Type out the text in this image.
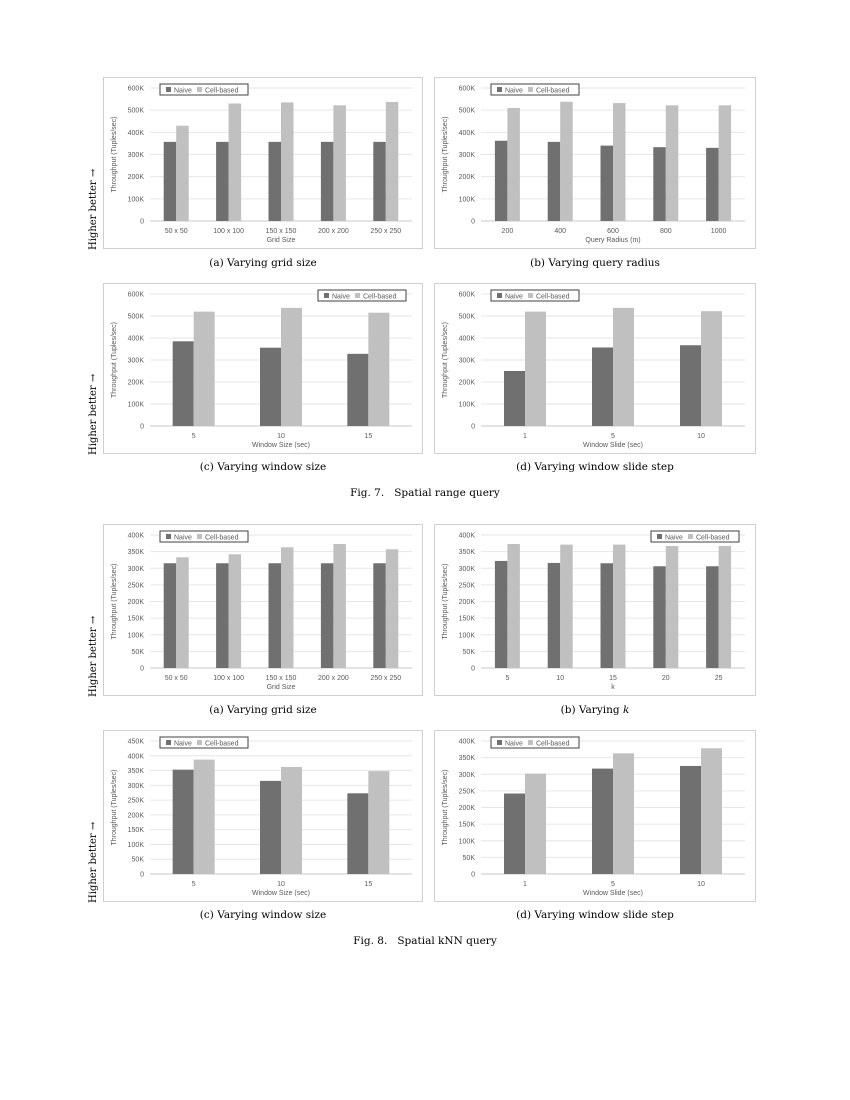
Higher better →
Higher better →
Higher better →
Higher better →
0
100K
200K
300K
400K
500K
600K
Throughput (Tuples/sec)
50 x 50	100 x 100	150 x 150	200 x 200	250 x 250
Grid Size
Naive Cell-based
0
100K
200K
300K
400K
500K
600K
Throughput (Tuples/sec)
200	400	600	800	1000
Query Radius (m)
Naive Cell-based
0
100K
200K
300K
400K
500K
600K
Throughput (Tuples/sec)
5	10	15
Window Size (sec)
Naive Cell-based
0
100K
200K
300K
400K
500K
600K
Throughput (Tuples/sec)
1	5	10
Window Slide (sec)
Naive Cell-based
0
50K
100K
150K
200K
250K
300K
350K
400K
Throughput (Tuples/sec)
50 x 50	100 x 100	150 x 150	200 x 200	250 x 250
Grid Size
Naive Cell-based
0
50K
100K
150K
200K
250K
300K
350K
400K
Throughput (Tuples/sec)
5	10	15	20	25
k
Naive Cell-based
0
50K
100K
150K
200K
250K
300K
350K
400K
450K
Throughput (Tuples/sec)
5	10	15
Window Size (sec)
Naive Cell-based
0
50K
100K
150K
200K
250K
300K
350K
400K
Throughput (Tuples/sec)
1	5	10
Window Slide (sec)
Naive Cell-based
(a) Varying grid size	(b) Varying query radius
(c) Varying window size	(d) Varying window slide step
(a) Varying grid size	(b) Varying k
(c) Varying window size	(d) Varying window slide step
Fig. 7. Spatial range query
Fig. 8. Spatial kNN query
